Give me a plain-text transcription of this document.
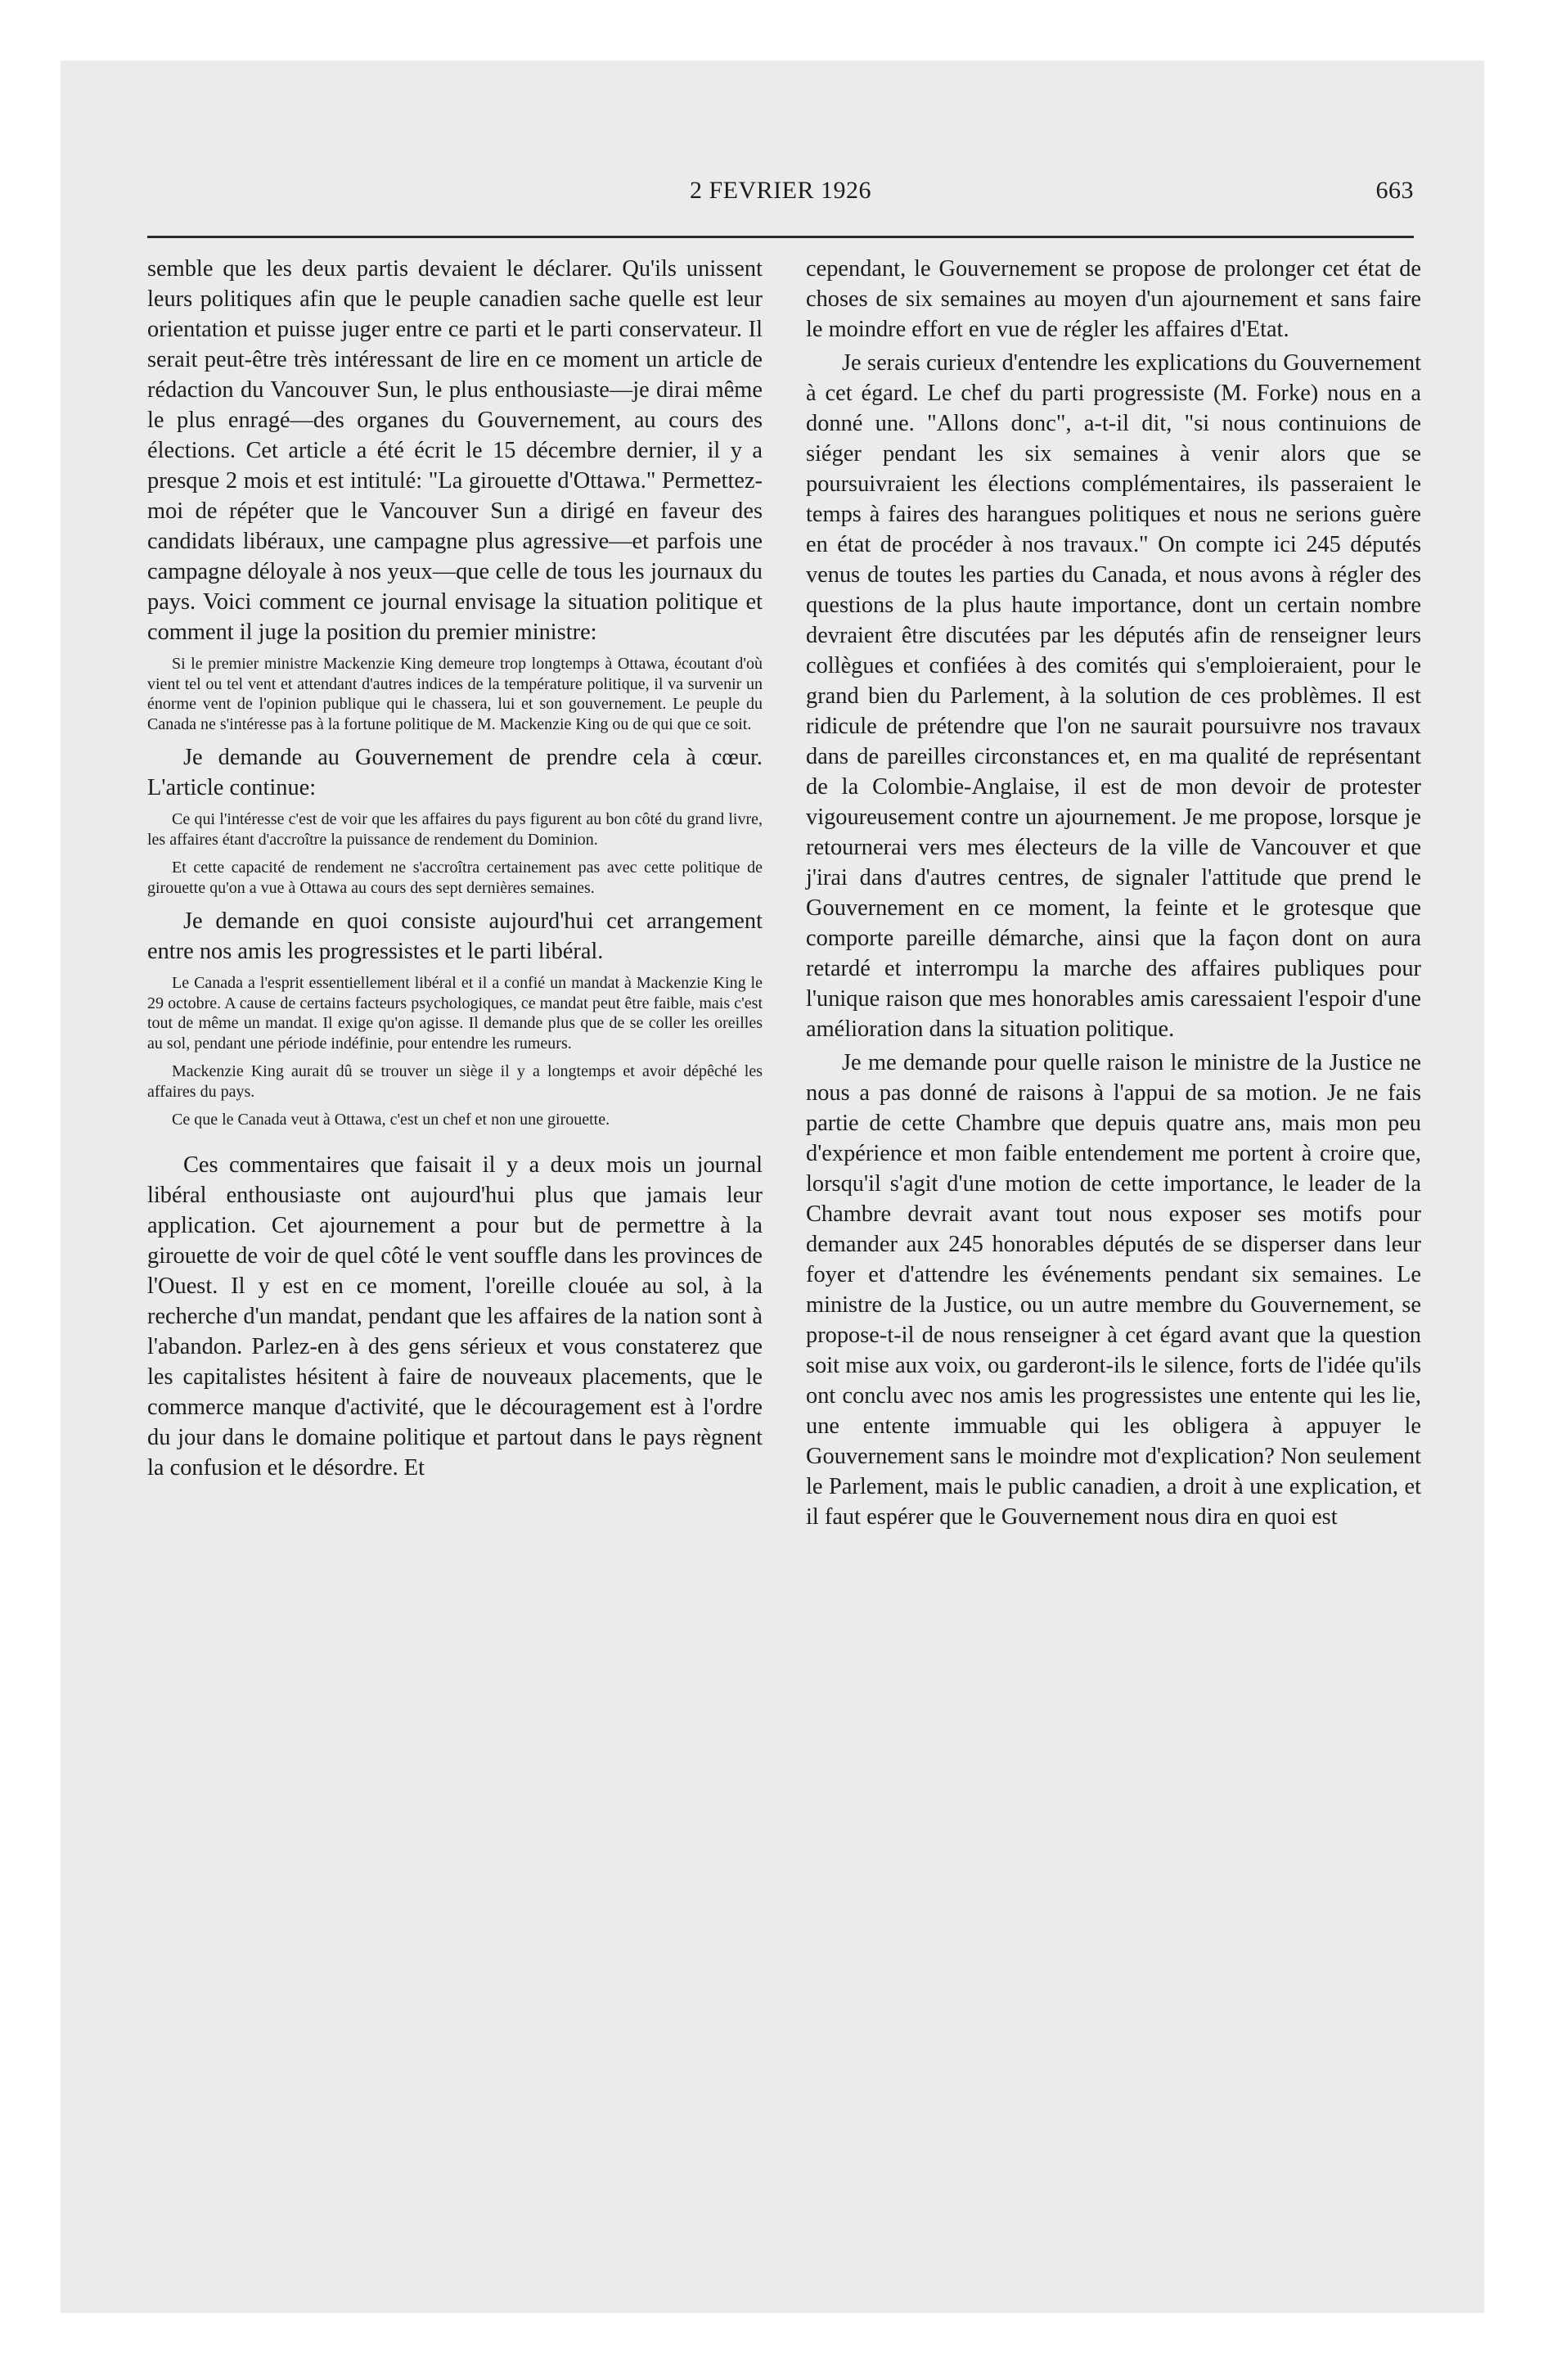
2 FEVRIER 1926	663

semble que les deux partis devaient le déclarer. Qu'ils unissent leurs politiques afin que le peuple canadien sache quelle est leur orientation et puisse juger entre ce parti et le parti conservateur. Il serait peut-être très intéressant de lire en ce moment un article de rédaction du Vancouver Sun, le plus enthousiaste—je dirai même le plus enragé—des organes du Gouvernement, au cours des élections. Cet article a été écrit le 15 décembre dernier, il y a presque 2 mois et est intitulé: "La girouette d'Ottawa." Permettez-moi de répéter que le Vancouver Sun a dirigé en faveur des candidats libéraux, une campagne plus agressive—et parfois une campagne déloyale à nos yeux—que celle de tous les journaux du pays. Voici comment ce journal envisage la situation politique et comment il juge la position du premier ministre:

Si le premier ministre Mackenzie King demeure trop longtemps à Ottawa, écoutant d'où vient tel ou tel vent et attendant d'autres indices de la température politique, il va survenir un énorme vent de l'opinion publique qui le chassera, lui et son gouvernement. Le peuple du Canada ne s'intéresse pas à la fortune politique de M. Mackenzie King ou de qui que ce soit.

Je demande au Gouvernement de prendre cela à cœur. L'article continue:

Ce qui l'intéresse c'est de voir que les affaires du pays figurent au bon côté du grand livre, les affaires étant d'accroître la puissance de rendement du Dominion.

Et cette capacité de rendement ne s'accroîtra certainement pas avec cette politique de girouette qu'on a vue à Ottawa au cours des sept dernières semaines.

Je demande en quoi consiste aujourd'hui cet arrangement entre nos amis les progressistes et le parti libéral.

Le Canada a l'esprit essentiellement libéral et il a confié un mandat à Mackenzie King le 29 octobre. A cause de certains facteurs psychologiques, ce mandat peut être faible, mais c'est tout de même un mandat. Il exige qu'on agisse. Il demande plus que de se coller les oreilles au sol, pendant une période indéfinie, pour entendre les rumeurs.

Mackenzie King aurait dû se trouver un siège il y a longtemps et avoir dépêché les affaires du pays.

Ce que le Canada veut à Ottawa, c'est un chef et non une girouette.

Ces commentaires que faisait il y a deux mois un journal libéral enthousiaste ont aujourd'hui plus que jamais leur application. Cet ajournement a pour but de permettre à la girouette de voir de quel côté le vent souffle dans les provinces de l'Ouest. Il y est en ce moment, l'oreille clouée au sol, à la recherche d'un mandat, pendant que les affaires de la nation sont à l'abandon. Parlez-en à des gens sérieux et vous constaterez que les capitalistes hésitent à faire de nouveaux placements, que le commerce manque d'activité, que le découragement est à l'ordre du jour dans le domaine politique et partout dans le pays règnent la confusion et le désordre. Et

cependant, le Gouvernement se propose de prolonger cet état de choses de six semaines au moyen d'un ajournement et sans faire le moindre effort en vue de régler les affaires d'Etat.

Je serais curieux d'entendre les explications du Gouvernement à cet égard. Le chef du parti progressiste (M. Forke) nous en a donné une. "Allons donc", a-t-il dit, "si nous continuions de siéger pendant les six semaines à venir alors que se poursuivraient les élections complémentaires, ils passeraient le temps à faires des harangues politiques et nous ne serions guère en état de procéder à nos travaux." On compte ici 245 députés venus de toutes les parties du Canada, et nous avons à régler des questions de la plus haute importance, dont un certain nombre devraient être discutées par les députés afin de renseigner leurs collègues et confiées à des comités qui s'emploieraient, pour le grand bien du Parlement, à la solution de ces problèmes. Il est ridicule de prétendre que l'on ne saurait poursuivre nos travaux dans de pareilles circonstances et, en ma qualité de représentant de la Colombie-Anglaise, il est de mon devoir de protester vigoureusement contre un ajournement. Je me propose, lorsque je retournerai vers mes électeurs de la ville de Vancouver et que j'irai dans d'autres centres, de signaler l'attitude que prend le Gouvernement en ce moment, la feinte et le grotesque que comporte pareille démarche, ainsi que la façon dont on aura retardé et interrompu la marche des affaires publiques pour l'unique raison que mes honorables amis caressaient l'espoir d'une amélioration dans la situation politique.

Je me demande pour quelle raison le ministre de la Justice ne nous a pas donné de raisons à l'appui de sa motion. Je ne fais partie de cette Chambre que depuis quatre ans, mais mon peu d'expérience et mon faible entendement me portent à croire que, lorsqu'il s'agit d'une motion de cette importance, le leader de la Chambre devrait avant tout nous exposer ses motifs pour demander aux 245 honorables députés de se disperser dans leur foyer et d'attendre les événements pendant six semaines. Le ministre de la Justice, ou un autre membre du Gouvernement, se propose-t-il de nous renseigner à cet égard avant que la question soit mise aux voix, ou garderont-ils le silence, forts de l'idée qu'ils ont conclu avec nos amis les progressistes une entente qui les lie, une entente immuable qui les obligera à appuyer le Gouvernement sans le moindre mot d'explication? Non seulement le Parlement, mais le public canadien, a droit à une explication, et il faut espérer que le Gouvernement nous dira en quoi est
